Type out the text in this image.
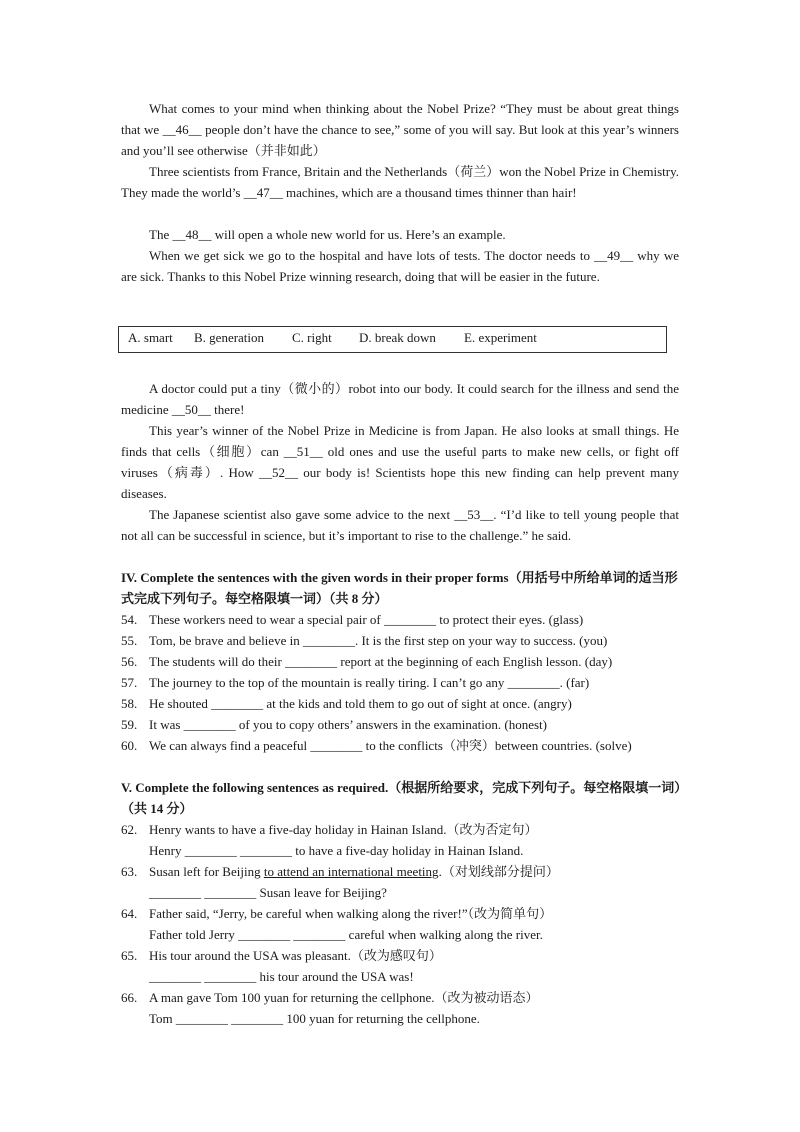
What comes to your mind when thinking about the Nobel Prize? “They must be about great things that we __46__ people don’t have the chance to see,” some of you will say. But look at this year’s winners and you’ll see otherwise（并非如此）

Three scientists from France, Britain and the Netherlands（荷兰）won the Nobel Prize in Chemistry. They made the world’s __47__ machines, which are a thousand times thinner than hair!

The __48__ will open a whole new world for us. Here’s an example.

When we get sick we go to the hospital and have lots of tests. The doctor needs to __49__ why we are sick. Thanks to this Nobel Prize winning research, doing that will be easier in the future.

A. smart B. generation C. right D. break down E. experiment

A doctor could put a tiny（微小的）robot into our body. It could search for the illness and send the medicine __50__ there!

This year’s winner of the Nobel Prize in Medicine is from Japan. He also looks at small things. He finds that cells（细胞）can __51__ old ones and use the useful parts to make new cells, or fight off viruses（病毒）. How __52__ our body is! Scientists hope this new finding can help prevent many diseases.

The Japanese scientist also gave some advice to the next __53__. “I’d like to tell young people that not all can be successful in science, but it’s important to rise to the challenge.” he said.

IV. Complete the sentences with the given words in their proper forms（用括号中所给单词的适当形式完成下列句子。每空格限填一词）（共 8 分）

54. These workers need to wear a special pair of ________ to protect their eyes. (glass)
55. Tom, be brave and believe in ________. It is the first step on your way to success. (you)
56. The students will do their ________ report at the beginning of each English lesson. (day)
57. The journey to the top of the mountain is really tiring. I can’t go any ________. (far)
58. He shouted ________ at the kids and told them to go out of sight at once. (angry)
59. It was ________ of you to copy others’ answers in the examination. (honest)
60. We can always find a peaceful ________ to the conflicts（冲突）between countries. (solve)

V. Complete the following sentences as required.（根据所给要求，完成下列句子。每空格限填一词）（共 14 分）

62. Henry wants to have a five-day holiday in Hainan Island.（改为否定句）
Henry ________ ________ to have a five-day holiday in Hainan Island.
63. Susan left for Beijing to attend an international meeting.（对划线部分提问）
________ ________ Susan leave for Beijing?
64. Father said, “Jerry, be careful when walking along the river!”（改为简单句）
Father told Jerry ________ ________ careful when walking along the river.
65. His tour around the USA was pleasant.（改为感叹句）
________ ________ his tour around the USA was!
66. A man gave Tom 100 yuan for returning the cellphone.（改为被动语态）
Tom ________ ________ 100 yuan for returning the cellphone.
